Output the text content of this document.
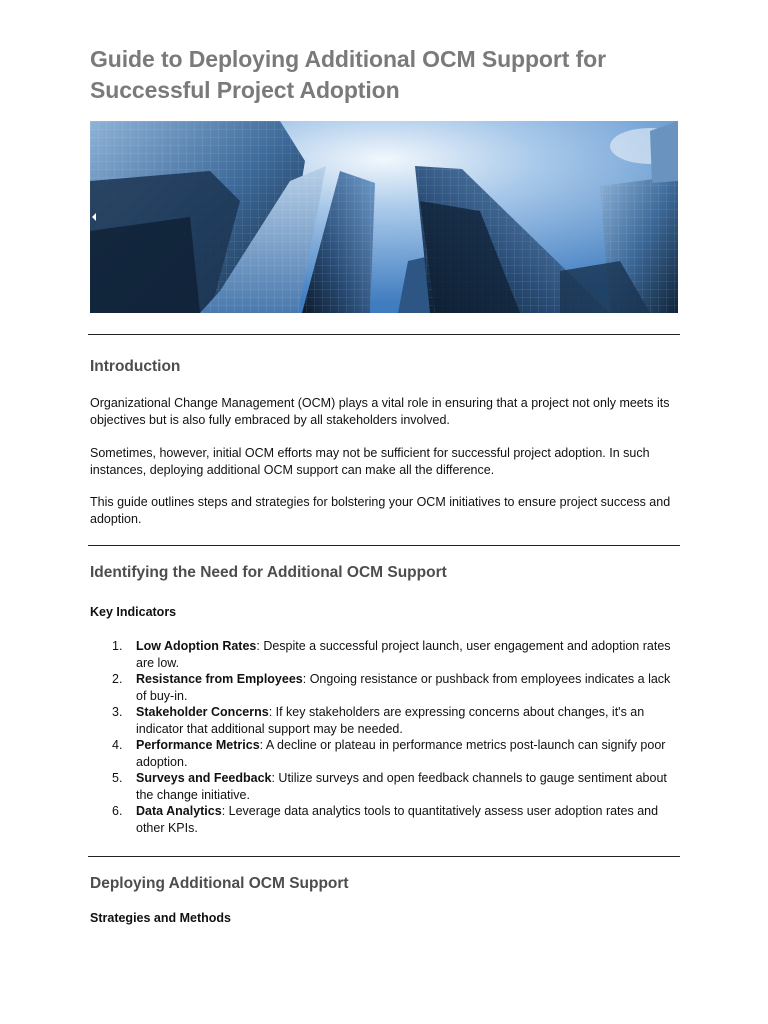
Guide to Deploying Additional OCM Support for Successful Project Adoption
Introduction

Organizational Change Management (OCM) plays a vital role in ensuring that a project not only meets its objectives but is also fully embraced by all stakeholders involved.

Sometimes, however, initial OCM efforts may not be sufficient for successful project adoption. In such instances, deploying additional OCM support can make all the difference.

This guide outlines steps and strategies for bolstering your OCM initiatives to ensure project success and adoption.

Identifying the Need for Additional OCM Support
Key Indicators
1.	Low Adoption Rates: Despite a successful project launch, user engagement and adoption rates are low.
2.	Resistance from Employees: Ongoing resistance or pushback from employees indicates a lack of buy-in.
3.	Stakeholder Concerns: If key stakeholders are expressing concerns about changes, it's an indicator that additional support may be needed.
4.	Performance Metrics: A decline or plateau in performance metrics post-launch can signify poor adoption.
5.	Surveys and Feedback: Utilize surveys and open feedback channels to gauge sentiment about the change initiative.
6.	Data Analytics: Leverage data analytics tools to quantitatively assess user adoption rates and other KPIs.
Deploying Additional OCM Support
Strategies and Methods
